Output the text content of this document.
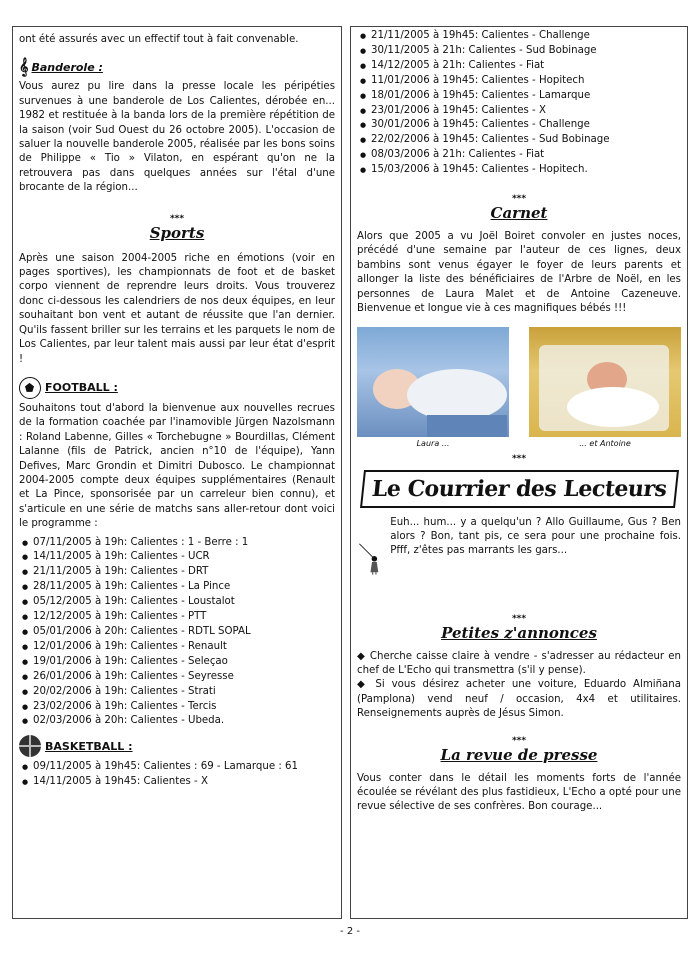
ont été assurés avec un effectif tout à fait convenable.

𝄞 Banderole :

Vous aurez pu lire dans la presse locale les péripéties survenues à une banderole de Los Calientes, dérobée en... 1982 et restituée à la banda lors de la première répétition de la saison (voir Sud Ouest du 26 octobre 2005). L'occasion de saluer la nouvelle banderole 2005, réalisée par les bons soins de Philippe « Tio » Vilaton, en espérant qu'on ne la retrouvera pas dans quelques années sur l'étal d'une brocante de la région...

***
Sports

Après une saison 2004-2005 riche en émotions (voir en pages sportives), les championnats de foot et de basket corpo viennent de reprendre leurs droits. Vous trouverez donc ci-dessous les calendriers de nos deux équipes, en leur souhaitant bon vent et autant de réussite que l'an dernier. Qu'ils fassent briller sur les terrains et les parquets le nom de Los Calientes, par leur talent mais aussi par leur état d'esprit !

FOOTBALL :

Souhaitons tout d'abord la bienvenue aux nouvelles recrues de la formation coachée par l'inamovible Jürgen Nazolsmann : Roland Labenne, Gilles « Torchebugne » Bourdillas, Clément Lalanne (fils de Patrick, ancien n°10 de l'équipe), Yann Defives, Marc Grondin et Dimitri Dubosco. Le championnat 2004-2005 compte deux équipes supplémentaires (Renault et La Pince, sponsorisée par un carreleur bien connu), et s'articule en une série de matchs sans aller-retour dont voici le programme :

● 07/11/2005 à 19h: Calientes : 1 - Berre : 1
● 14/11/2005 à 19h: Calientes - UCR
● 21/11/2005 à 19h: Calientes - DRT
● 28/11/2005 à 19h: Calientes - La Pince
● 05/12/2005 à 19h: Calientes - Loustalot
● 12/12/2005 à 19h: Calientes - PTT
● 05/01/2006 à 20h: Calientes - RDTL SOPAL
● 12/01/2006 à 19h: Calientes - Renault
● 19/01/2006 à 19h: Calientes - Seleçao
● 26/01/2006 à 19h: Calientes - Seyresse
● 20/02/2006 à 19h: Calientes - Strati
● 23/02/2006 à 19h: Calientes - Tercis
● 02/03/2006 à 20h: Calientes - Ubeda.
BASKETBALL :
● 09/11/2005 à 19h45: Calientes : 69 - Lamarque : 61
● 14/11/2005 à 19h45: Calientes - X
● 21/11/2005 à 19h45: Calientes - Challenge
● 30/11/2005 à 21h: Calientes - Sud Bobinage
● 14/12/2005 à 21h: Calientes - Fiat
● 11/01/2006 à 19h45: Calientes - Hopitech
● 18/01/2006 à 19h45: Calientes - Lamarque
● 23/01/2006 à 19h45: Calientes - X
● 30/01/2006 à 19h45: Calientes - Challenge
● 22/02/2006 à 19h45: Calientes - Sud Bobinage
● 08/03/2006 à 21h: Calientes - Fiat
● 15/03/2006 à 19h45: Calientes - Hopitech.
***
Carnet

Alors que 2005 a vu Joël Boiret convoler en justes noces, précédé d'une semaine par l'auteur de ces lignes, deux bambins sont venus égayer le foyer de leurs parents et allonger la liste des bénéficiaires de l'Arbre de Noël, en les personnes de Laura Malet et de Antoine Cazeneuve. Bienvenue et longue vie à ces magnifiques bébés !!!

Laura ...	... et Antoine
***
Le Courrier des Lecteurs

Euh... hum... y a quelqu'un ? Allo Guillaume, Gus ? Ben alors ? Bon, tant pis, ce sera pour une prochaine fois. Pfff, z'êtes pas marrants les gars...

***
Petites z'annonces

◆ Cherche caisse claire à vendre - s'adresser au rédacteur en chef de L'Echo qui transmettra (s'il y pense).

◆ Si vous désirez acheter une voiture, Eduardo Almiñana (Pamplona) vend neuf / occasion, 4x4 et utilitaires. Renseignements auprès de Jésus Simon.

***
La revue de presse

Vous conter dans le détail les moments forts de l'année écoulée se révélant des plus fastidieux, L'Echo a opté pour une revue sélective de ses confrères. Bon courage...

- 2 -
